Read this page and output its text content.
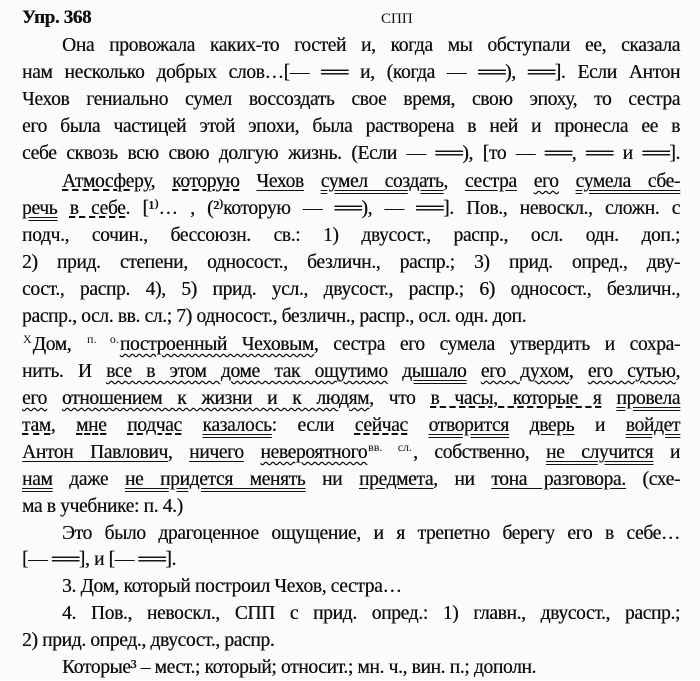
Упр. 368
Она провожала каких-то гостей и, когда мы обступали ее, сказала
нам несколько добрых слов…[— ══ и, (когда — ══), ══]. Если Антон
Чехов гениально сумел воссоздать свое время, свою эпоху, то сестра
его была частицей этой эпохи, была растворена в ней и пронесла ее в
себе сквозь всю свою долгую жизнь. (Если — ══), [то — ══, ══ и ══].
Атмосферу, которую Чехов сумел создать, сестра его сумела сбе-
речь в себе. [¹⁾… , (²⁾которую — ══), — ══]. Пов., невоскл., сложн. с
подч., сочин., бессоюзн. св.: 1) двусост., распр., осл. одн. доп.;
2) прид. степени, односост., безличн., распр.; 3) прид. опред., дву-
сост., распр. 4), 5) прид. усл., двусост., распр.; 6) односост., безличн.,
распр., осл. вв. сл.; 7) односост., безличн., распр., осл. одн. доп.
$^X$Дом, $^{п. о.}$построенный Чеховым, сестра его сумела утвердить и сохра-
нить. И все в этом доме так ощутимо дышало его духом, его сутью,
его отношением к жизни и к людям, что в часы, которые я провела
там, мне подчас казалось: если сейчас отворится дверь и войдет
Антон Павлович, ничего невероятного$^{вв. сл.}$, собственно, не случится и
нам даже не придется менять ни предмета, ни тона разговора. (схе-
ма в учебнике: п. 4.)
Это было драгоценное ощущение, и я трепетно берегу его в себе…
[— ══], и [— ══].
3. Дом, который построил Чехов, сестра…
4. Пов., невоскл., СПП с прид. опред.: 1) главн., двусост., распр.;
2) прид. опред., двусост., распр.
Которые³ – мест.; который; относит.; мн. ч., вин. п.; дополн.
СПП
